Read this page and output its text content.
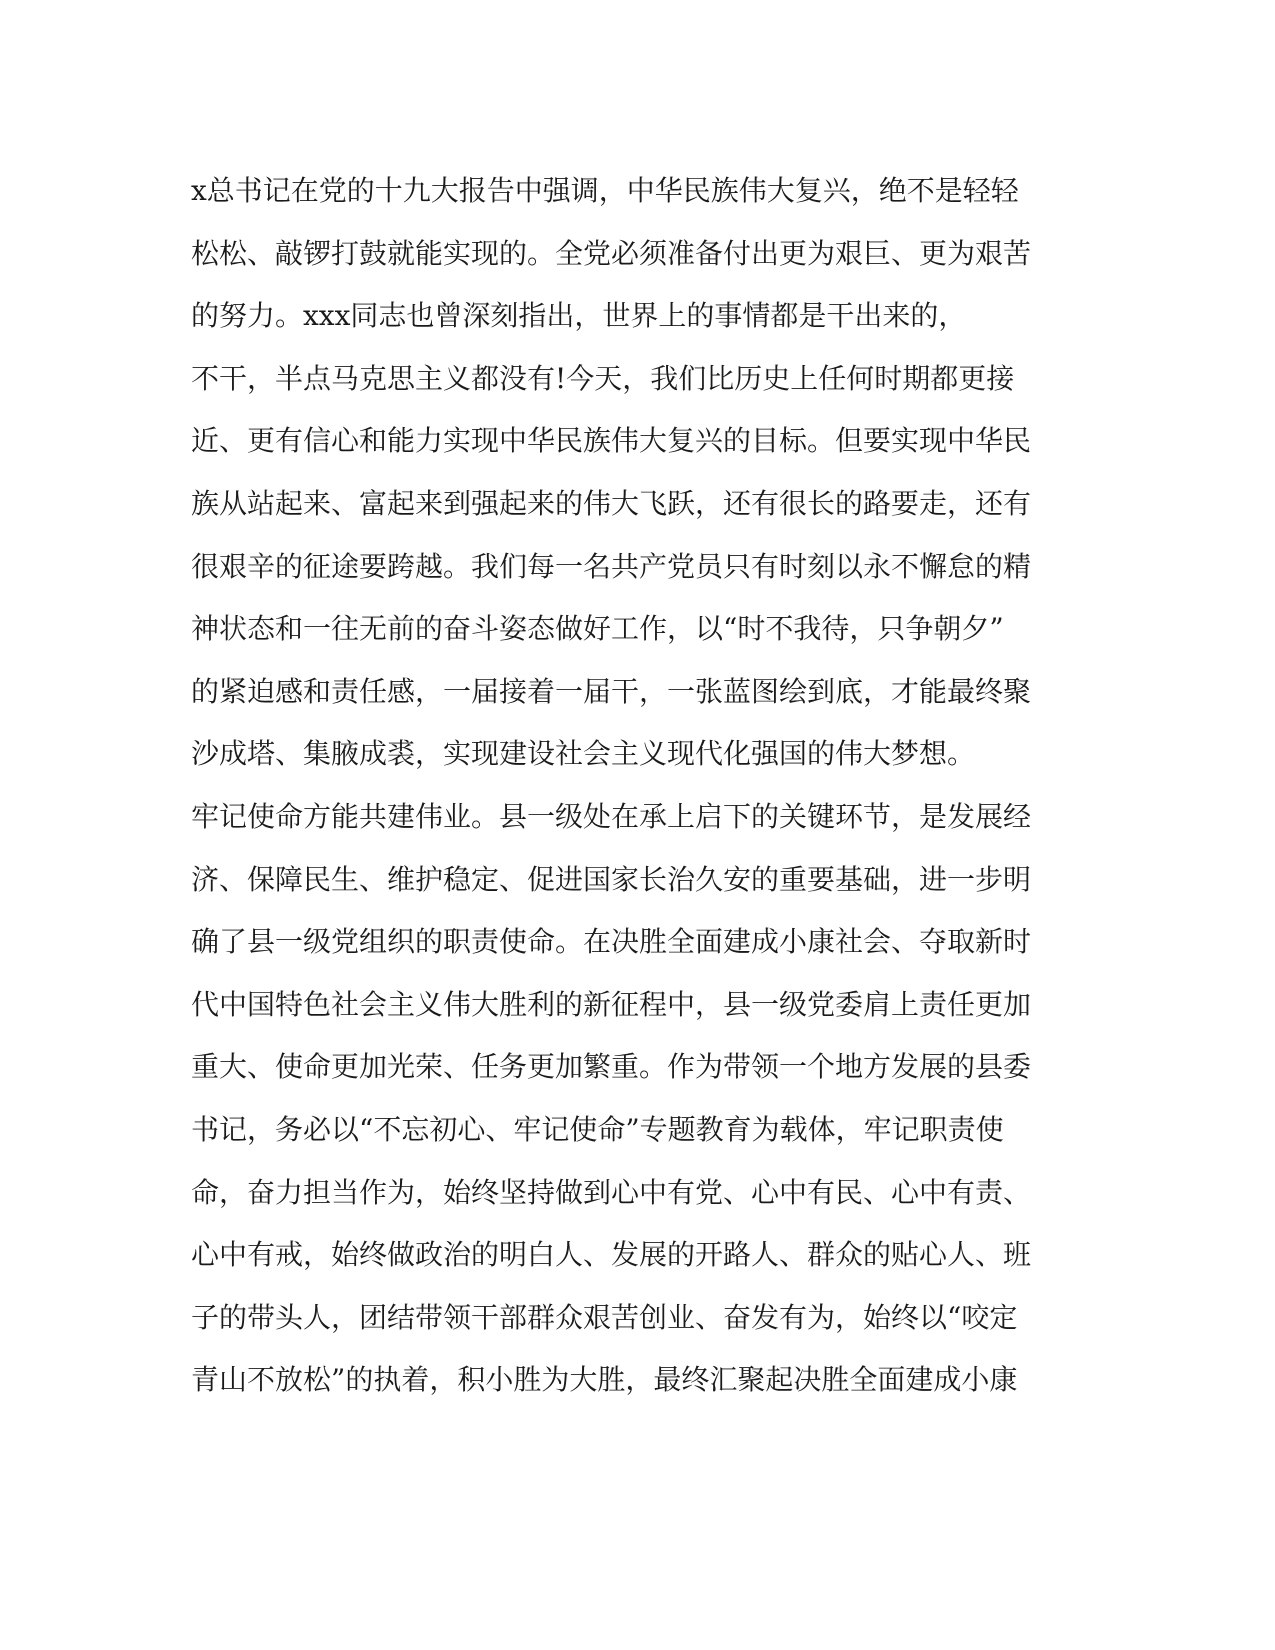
x总书记在党的十九大报告中强调，中华民族伟大复兴，绝不是轻轻
松松、敲锣打鼓就能实现的。全党必须准备付出更为艰巨、更为艰苦
的努力。xxx同志也曾深刻指出，世界上的事情都是干出来的，
不干，半点马克思主义都没有!今天，我们比历史上任何时期都更接
近、更有信心和能力实现中华民族伟大复兴的目标。但要实现中华民
族从站起来、富起来到强起来的伟大飞跃，还有很长的路要走，还有
很艰辛的征途要跨越。我们每一名共产党员只有时刻以永不懈怠的精
神状态和一往无前的奋斗姿态做好工作，以“时不我待，只争朝夕”
的紧迫感和责任感，一届接着一届干，一张蓝图绘到底，才能最终聚
沙成塔、集腋成裘，实现建设社会主义现代化强国的伟大梦想。
牢记使命方能共建伟业。县一级处在承上启下的关键环节，是发展经
济、保障民生、维护稳定、促进国家长治久安的重要基础，进一步明
确了县一级党组织的职责使命。在决胜全面建成小康社会、夺取新时
代中国特色社会主义伟大胜利的新征程中，县一级党委肩上责任更加
重大、使命更加光荣、任务更加繁重。作为带领一个地方发展的县委
书记，务必以“不忘初心、牢记使命”专题教育为载体，牢记职责使
命，奋力担当作为，始终坚持做到心中有党、心中有民、心中有责、
心中有戒，始终做政治的明白人、发展的开路人、群众的贴心人、班
子的带头人，团结带领干部群众艰苦创业、奋发有为，始终以“咬定
青山不放松”的执着，积小胜为大胜，最终汇聚起决胜全面建成小康
